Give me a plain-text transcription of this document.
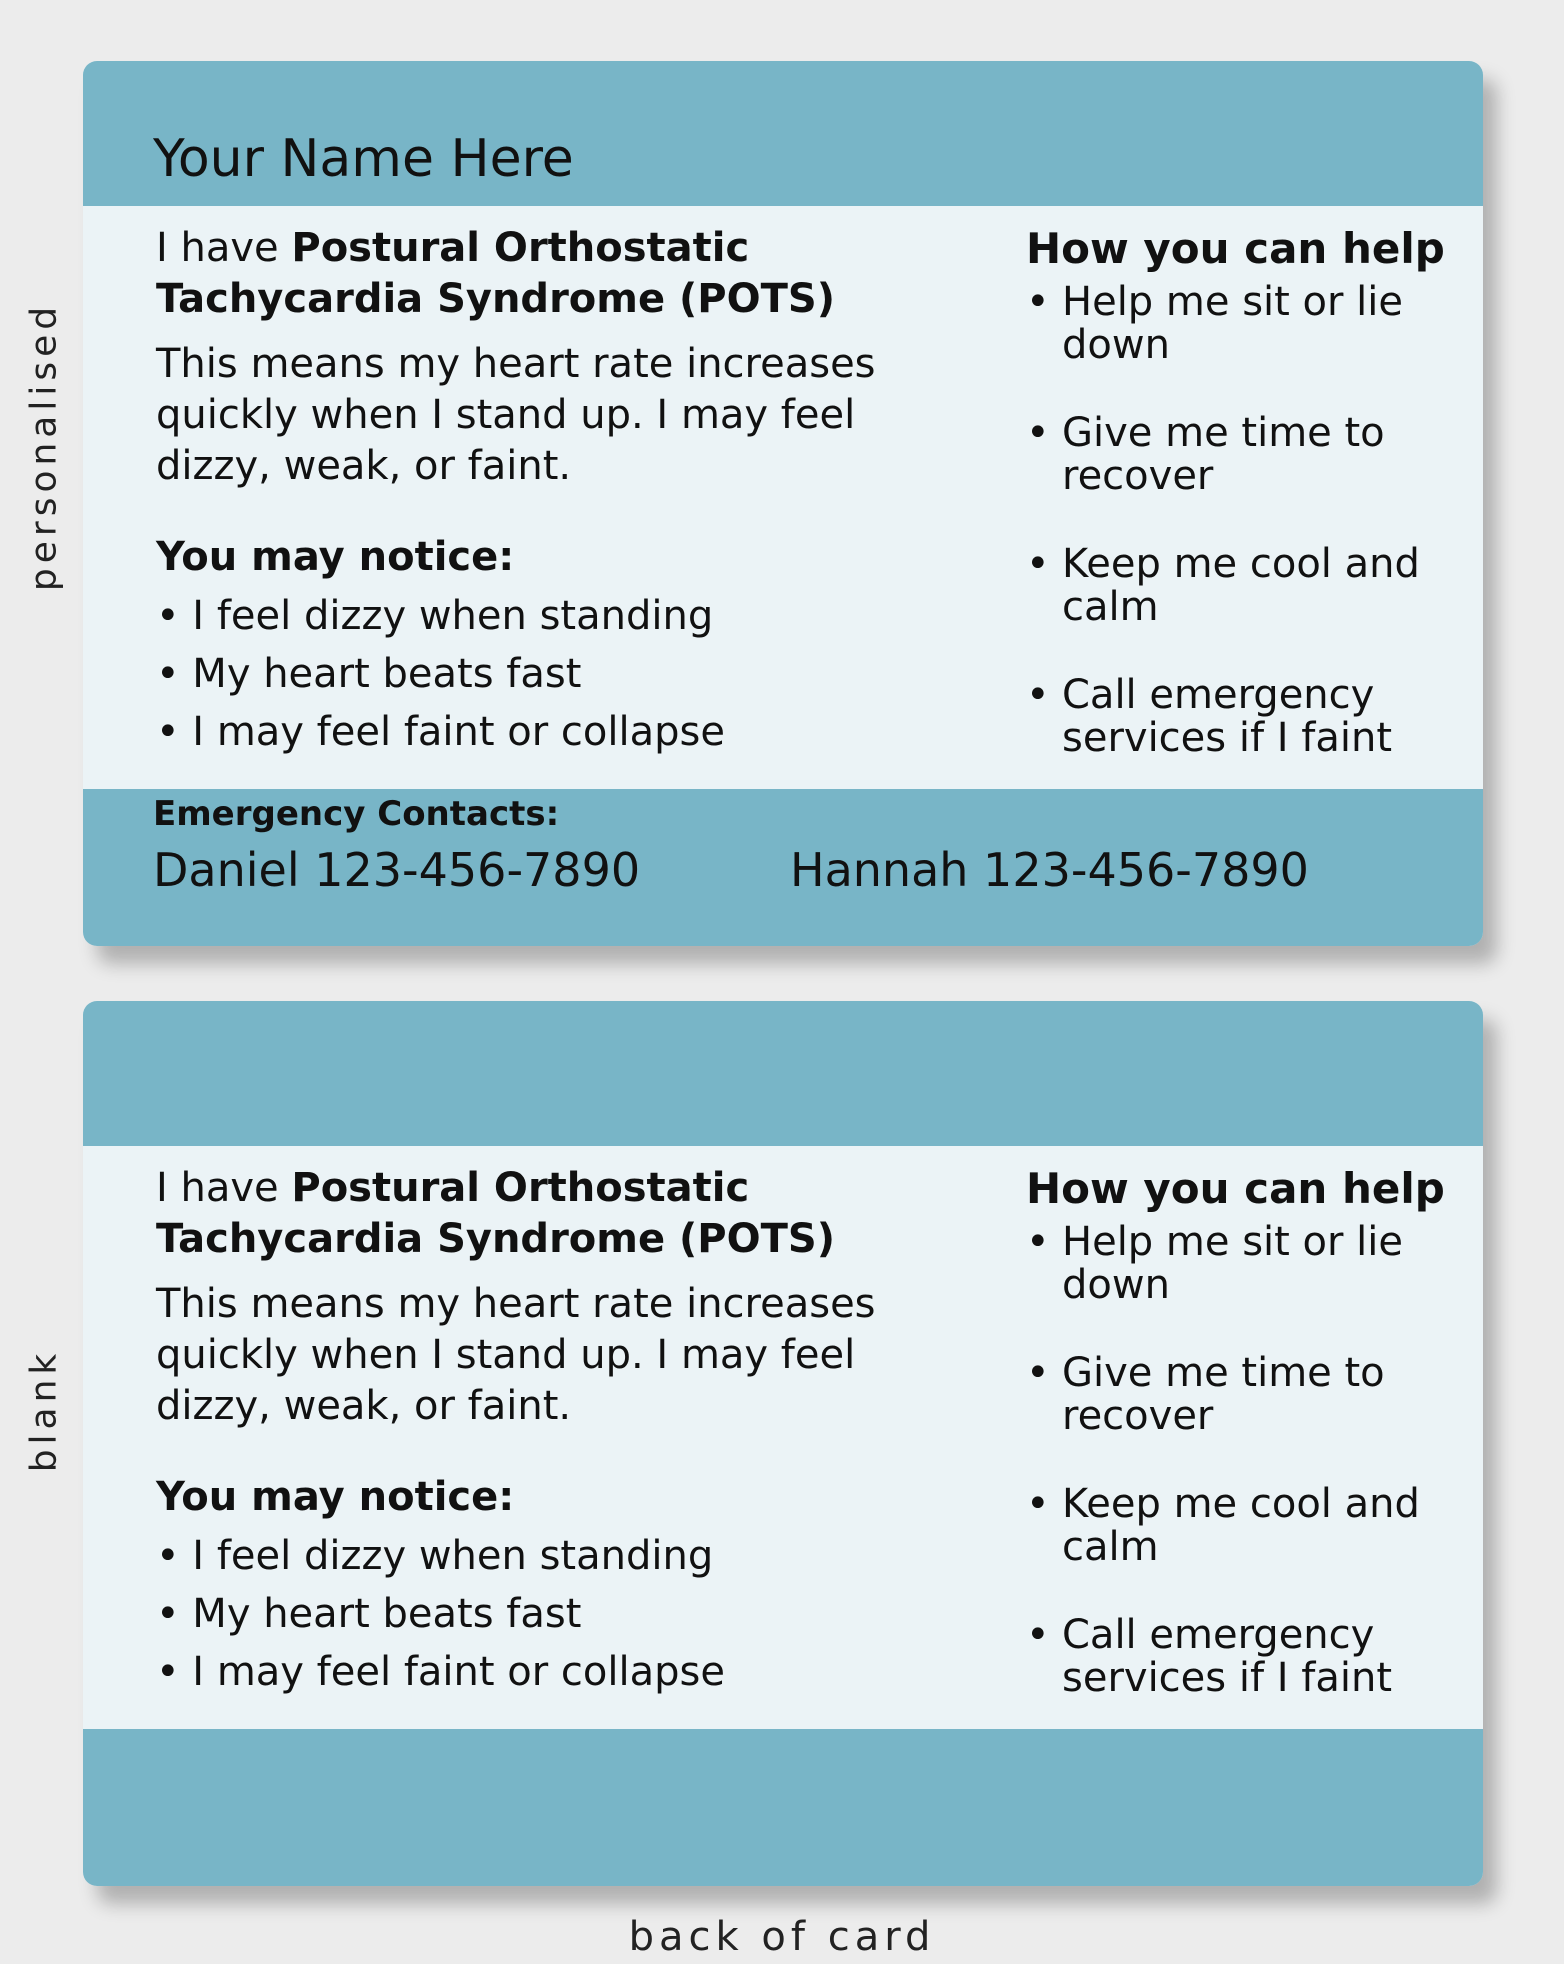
personalised
blank
Your Name Here

I have Postural Orthostatic Tachycardia Syndrome (POTS)

This means my heart rate increases quickly when I stand up. I may feel dizzy, weak, or faint.

You may notice:
• I feel dizzy when standing
• My heart beats fast
• I may feel faint or collapse
How you can help
• Help me sit or lie down
• Give me time to recover
• Keep me cool and calm
• Call emergency services if I faint
Emergency Contacts:
Daniel 123-456-7890	Hannah 123-456-7890

I have Postural Orthostatic Tachycardia Syndrome (POTS)

This means my heart rate increases quickly when I stand up. I may feel dizzy, weak, or faint.

You may notice:
• I feel dizzy when standing
• My heart beats fast
• I may feel faint or collapse
How you can help
• Help me sit or lie down
• Give me time to recover
• Keep me cool and calm
• Call emergency services if I faint
back of card
